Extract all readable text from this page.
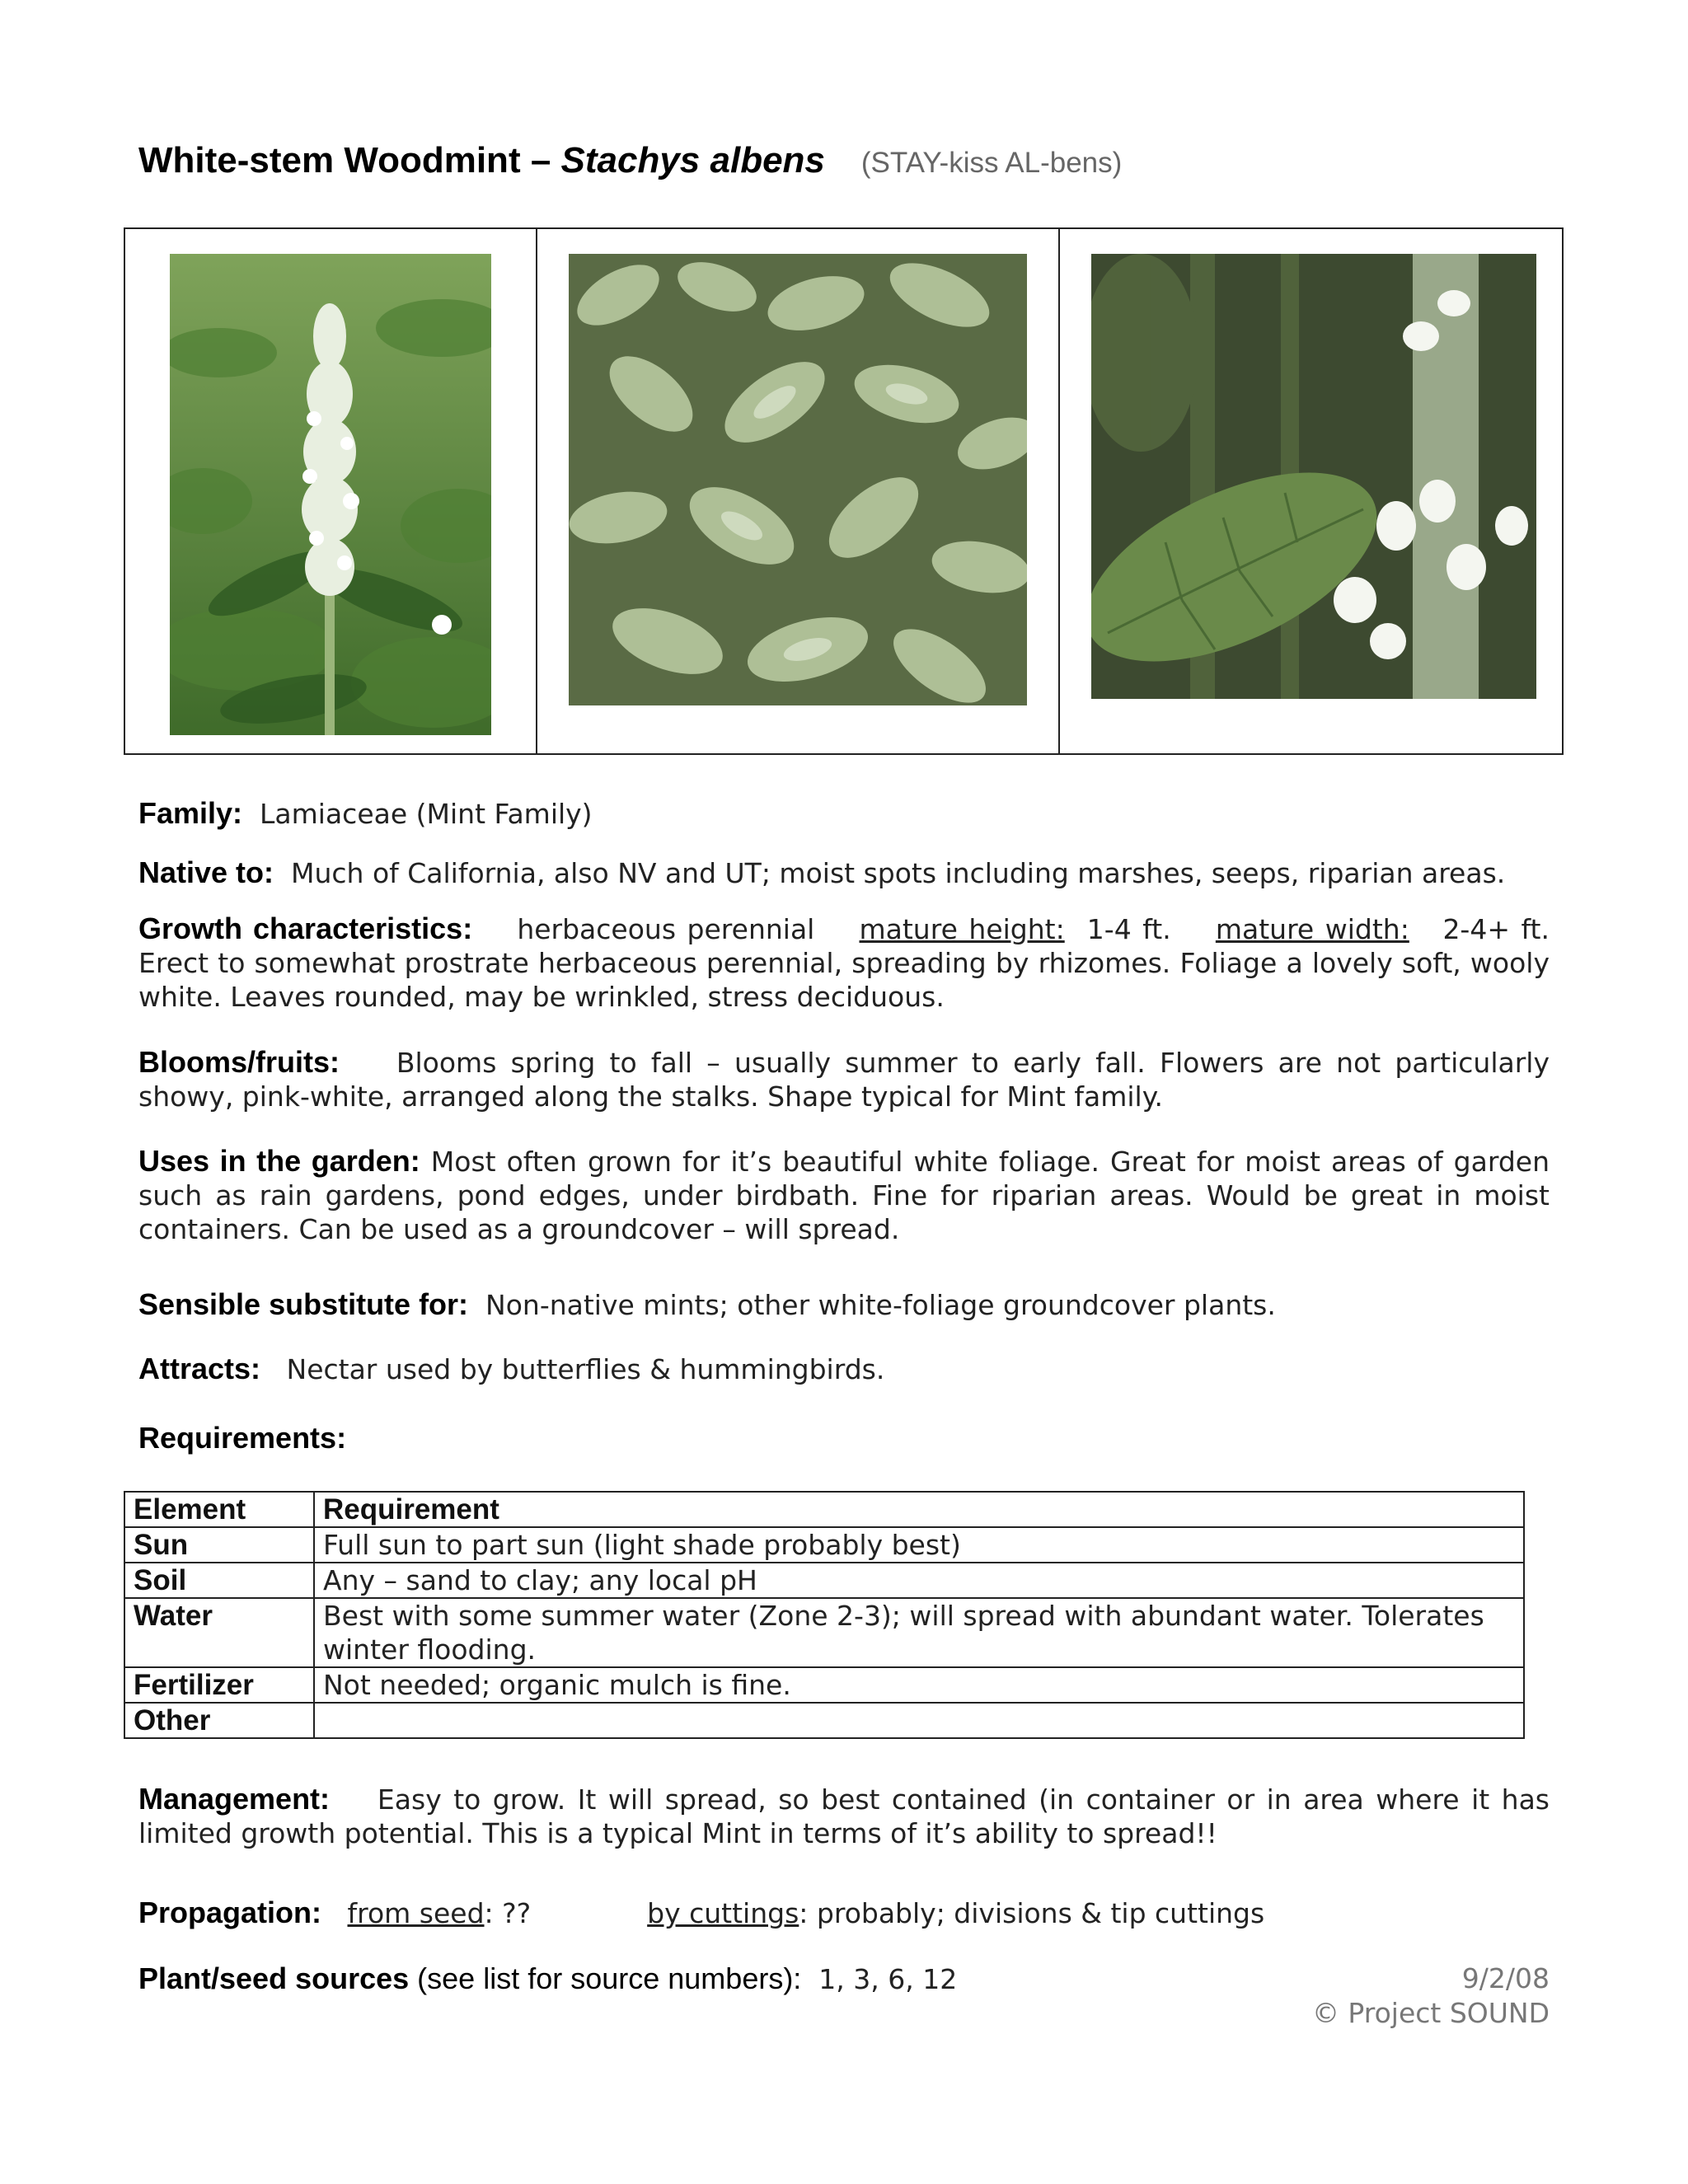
White-stem Woodmint – Stachys albens (STAY-kiss AL-bens)
Family: Lamiaceae (Mint Family)
Native to: Much of California, also NV and UT; moist spots including marshes, seeps, riparian areas.
Growth characteristics: herbaceous perennial mature height: 1-4 ft. mature width: 2-4+ ft. Erect to somewhat prostrate herbaceous perennial, spreading by rhizomes. Foliage a lovely soft, wooly white. Leaves rounded, may be wrinkled, stress deciduous.
Blooms/fruits: Blooms spring to fall – usually summer to early fall. Flowers are not particularly showy, pink-white, arranged along the stalks. Shape typical for Mint family.
Uses in the garden: Most often grown for it’s beautiful white foliage. Great for moist areas of garden such as rain gardens, pond edges, under birdbath. Fine for riparian areas. Would be great in moist containers. Can be used as a groundcover – will spread.
Sensible substitute for: Non-native mints; other white-foliage groundcover plants.
Attracts: Nectar used by butterflies & hummingbirds.
Requirements:
Element	Requirement
Sun	Full sun to part sun (light shade probably best)
Soil	Any – sand to clay; any local pH
Water	Best with some summer water (Zone 2-3); will spread with abundant water. Tolerates winter flooding.
Fertilizer	Not needed; organic mulch is fine.
Other	
Management: Easy to grow. It will spread, so best contained (in container or in area where it has limited growth potential. This is a typical Mint in terms of it’s ability to spread!!
Propagation: from seed: ??	by cuttings: probably; divisions & tip cuttings
Plant/seed sources (see list for source numbers): 1, 3, 6, 12	9/2/08
© Project SOUND
